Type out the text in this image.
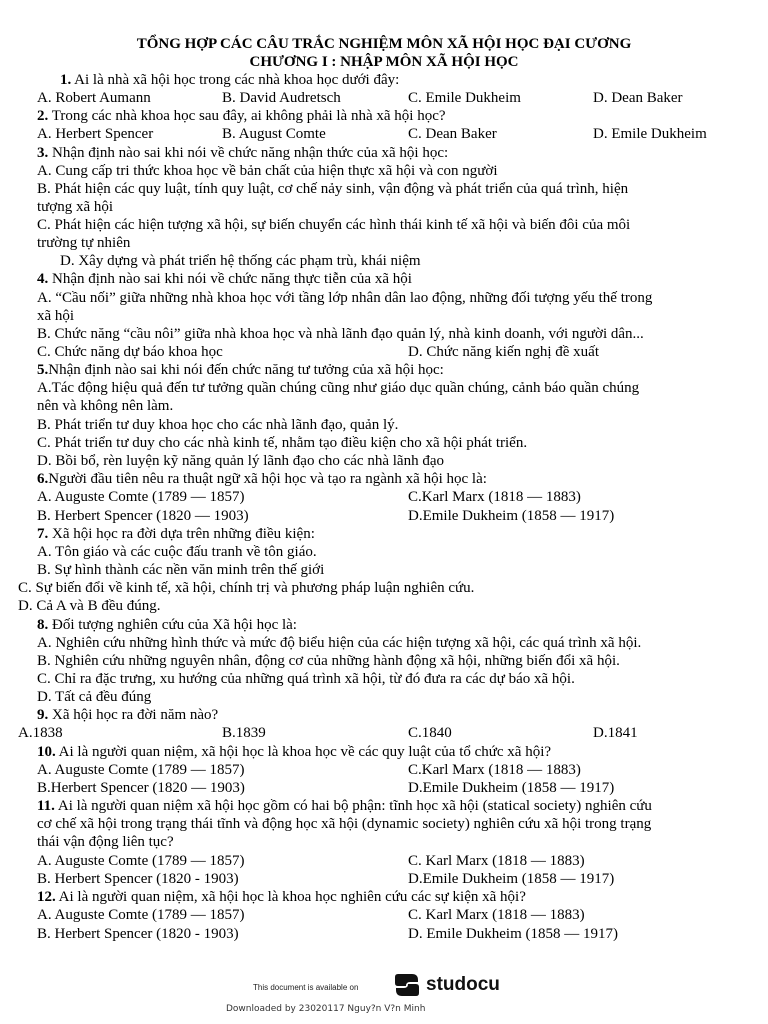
TỔNG HỢP CÁC CÂU TRẮC NGHIỆM MÔN XÃ HỘI HỌC ĐẠI CƯƠNG
CHƯƠNG I : NHẬP MÔN XÃ HỘI HỌC
1. Ai là nhà xã hội học trong các nhà khoa học dưới đây:
A. Robert Aumann	B. David Audretsch	C. Emile Dukheim	D. Dean Baker
2. Trong các nhà khoa học sau đây, ai không phải là nhà xã hội học?
A. Herbert Spencer	B. August Comte	C. Dean Baker	D. Emile Dukheim
3. Nhận định nào sai khi nói về chức năng nhận thức của xã hội học:
A. Cung cấp tri thức khoa học về bản chất của hiện thực xã hội và con người
B. Phát hiện các quy luật, tính quy luật, cơ chế nảy sinh, vận động và phát triển của quá trình, hiện
tượng xã hội
C. Phát hiện các hiện tượng xã hội, sự biến chuyển các hình thái kinh tế xã hội và biến đôi của môi
trường tự nhiên
D. Xây dựng và phát triển hệ thống các phạm trù, khái niệm
4. Nhận định nào sai khi nói về chức năng thực tiễn của xã hội
A. “Cầu nối” giữa những nhà khoa học với tầng lớp nhân dân lao động, những đối tượng yếu thế trong
xã hội
B. Chức năng “cầu nôi” giữa nhà khoa học và nhà lãnh đạo quản lý, nhà kinh doanh, với người dân...
C. Chức năng dự báo khoa học	D. Chức năng kiến nghị đề xuất
5.Nhận định nào sai khi nói đến chức năng tư tưởng của xã hội học:
A.Tác động hiệu quả đến tư tưởng quần chúng cũng như giáo dục quần chúng, cảnh báo quần chúng
nên và không nên làm.
B. Phát triển tư duy khoa học cho các nhà lãnh đạo, quản lý.
C. Phát triển tư duy cho các nhà kinh tế, nhằm tạo điều kiện cho xã hội phát triển.
D. Bồi bổ, rèn luyện kỹ năng quản lý lãnh đạo cho các nhà lãnh đạo
6.Người đầu tiên nêu ra thuật ngữ xã hội học và tạo ra ngành xã hội học là:
A. Auguste Comte (1789 — 1857)	C.Karl Marx (1818 — 1883)
B. Herbert Spencer (1820 — 1903)	D.Emile Dukheim (1858 — 1917)
7. Xã hội học ra đời dựa trên những điều kiện:
A. Tôn giáo và các cuộc đấu tranh về tôn giáo.
B. Sự hình thành các nền văn minh trên thế giới
C. Sự biến đổi về kinh tế, xã hội, chính trị và phương pháp luận nghiên cứu.
D. Cả A và B đều đúng.
8. Đối tượng nghiên cứu của Xã hội học là:
A. Nghiên cứu những hình thức và mức độ biểu hiện của các hiện tượng xã hội, các quá trình xã hội.
B. Nghiên cứu những nguyên nhân, động cơ của những hành động xã hội, những biến đổi xã hội.
C. Chỉ ra đặc trưng, xu hướng của những quá trình xã hội, từ đó đưa ra các dự báo xã hội.
D. Tất cả đều đúng
9. Xã hội học ra đời năm nào?
A.1838	B.1839	C.1840	D.1841
10. Ai là người quan niệm, xã hội học là khoa học về các quy luật của tổ chức xã hội?
A. Auguste Comte (1789 — 1857)	C.Karl Marx (1818 — 1883)
B.Herbert Spencer (1820 — 1903)	D.Emile Dukheim (1858 — 1917)
11. Ai là người quan niệm xã hội học gồm có hai bộ phận: tĩnh học xã hội (statical society) nghiên cứu
cơ chế xã hội trong trạng thái tĩnh và động học xã hội (dynamic society) nghiên cứu xã hội trong trạng
thái vận động liên tục?
A. Auguste Comte (1789 — 1857)	C. Karl Marx (1818 — 1883)
B. Herbert Spencer (1820 - 1903)	D.Emile Dukheim (1858 — 1917)
12. Ai là người quan niệm, xã hội học là khoa học nghiên cứu các sự kiện xã hội?
A. Auguste Comte (1789 — 1857)	C. Karl Marx (1818 — 1883)
B. Herbert Spencer (1820 - 1903)	D. Emile Dukheim (1858 — 1917)
This document is available on	studocu
Downloaded by 23020117 Nguy?n V?n Minh
